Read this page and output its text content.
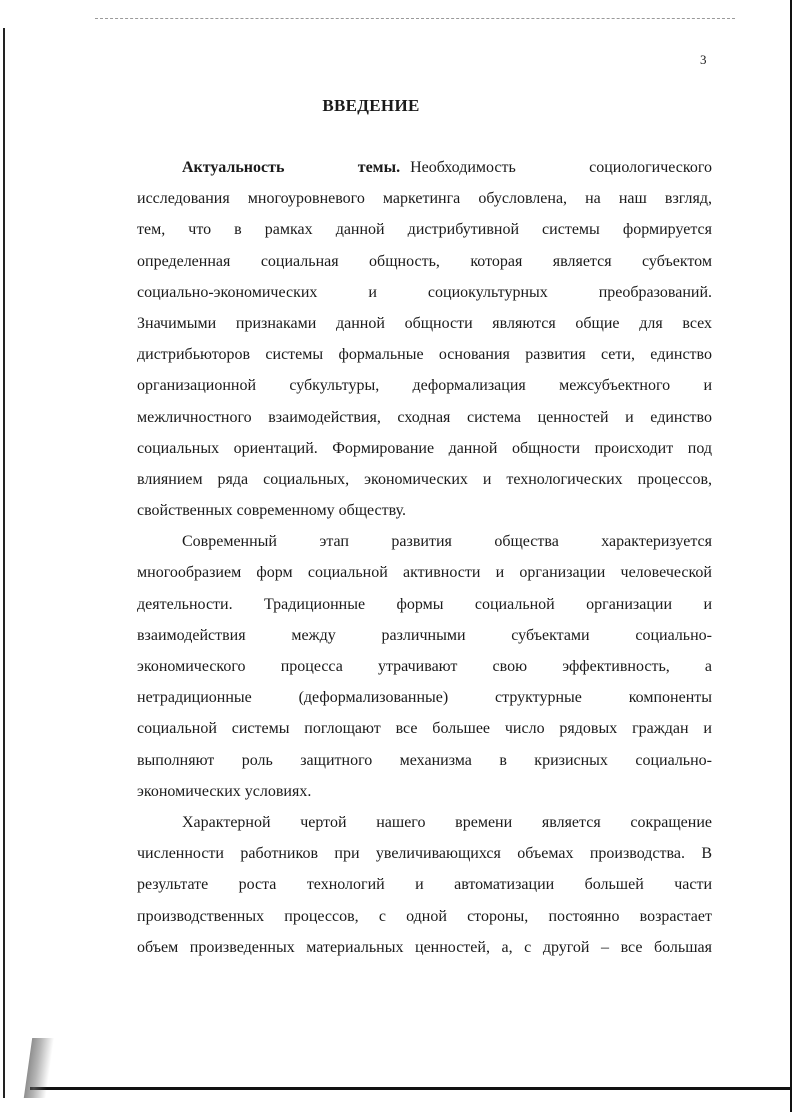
3
ВВЕДЕНИЕ
Актуальность темы. Необходимость социологического
исследования многоуровневого маркетинга обусловлена, на наш взгляд,
тем, что в рамках данной дистрибутивной системы формируется
определенная социальная общность, которая является субъектом
социально-экономических и социокультурных преобразований.
Значимыми признаками данной общности являются общие для всех
дистрибьюторов системы формальные основания развития сети, единство
организационной субкультуры, деформализация межсубъектного и
межличностного взаимодействия, сходная система ценностей и единство
социальных ориентаций. Формирование данной общности происходит под
влиянием ряда социальных, экономических и технологических процессов,
свойственных современному обществу.
Современный этап развития общества характеризуется
многообразием форм социальной активности и организации человеческой
деятельности. Традиционные формы социальной организации и
взаимодействия между различными субъектами социально-
экономического процесса утрачивают свою эффективность, а
нетрадиционные (деформализованные) структурные компоненты
социальной системы поглощают все большее число рядовых граждан и
выполняют роль защитного механизма в кризисных социально-
экономических условиях.
Характерной чертой нашего времени является сокращение
численности работников при увеличивающихся объемах производства. В
результате роста технологий и автоматизации большей части
производственных процессов, с одной стороны, постоянно возрастает
объем произведенных материальных ценностей, а, с другой – все большая
